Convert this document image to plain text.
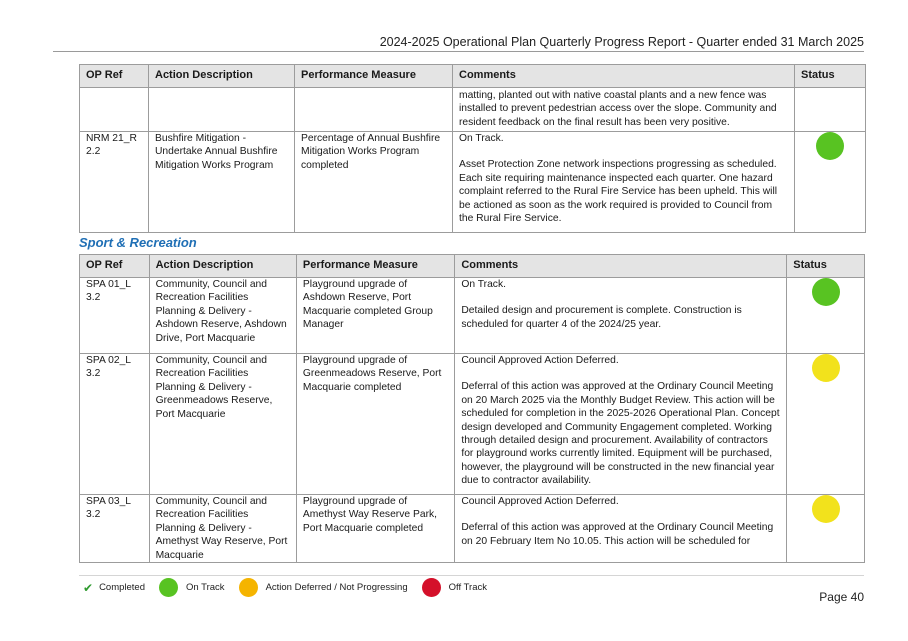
2024-2025 Operational Plan Quarterly Progress Report - Quarter ended 31 March 2025
OP Ref	Action Description	Performance Measure	Comments	Status
			matting, planted out with native coastal plants and a new fence was installed to prevent pedestrian access over the slope. Community and resident feedback on the final result has been very positive.	
NRM 21_R 2.2	Bushfire Mitigation - Undertake Annual Bushfire Mitigation Works Program	Percentage of Annual Bushfire Mitigation Works Program completed	On Track.
Asset Protection Zone network inspections progressing as scheduled. Each site requiring maintenance inspected each quarter. One hazard complaint referred to the Rural Fire Service has been upheld. This will be actioned as soon as the work required is provided to Council from the Rural Fire Service.	

Sport & Recreation
OP Ref	Action Description	Performance Measure	Comments	Status
SPA 01_L 3.2	Community, Council and Recreation Facilities Planning & Delivery - Ashdown Reserve, Ashdown Drive, Port Macquarie	Playground upgrade of Ashdown Reserve, Port Macquarie completed Group Manager	On Track.
Detailed design and procurement is complete. Construction is scheduled for quarter 4 of the 2024/25 year.	

SPA 02_L 3.2	Community, Council and Recreation Facilities Planning & Delivery - Greenmeadows Reserve, Port Macquarie	Playground upgrade of Greenmeadows Reserve, Port Macquarie completed	Council Approved Action Deferred.
Deferral of this action was approved at the Ordinary Council Meeting on 20 March 2025 via the Monthly Budget Review. This action will be scheduled for completion in the 2025-2026 Operational Plan. Concept design developed and Community Engagement completed. Working through detailed design and procurement. Availability of contractors for playground works currently limited. Equipment will be purchased, however, the playground will be constructed in the new financial year due to contractor availability.	

SPA 03_L 3.2	Community, Council and Recreation Facilities Planning & Delivery - Amethyst Way Reserve, Port Macquarie	Playground upgrade of Amethyst Way Reserve Park, Port Macquarie completed	Council Approved Action Deferred.
Deferral of this action was approved at the Ordinary Council Meeting on 20 February Item No 10.05. This action will be scheduled for	

✔ Completed	On Track	Action Deferred / Not Progressing	Off Track
Page 40
